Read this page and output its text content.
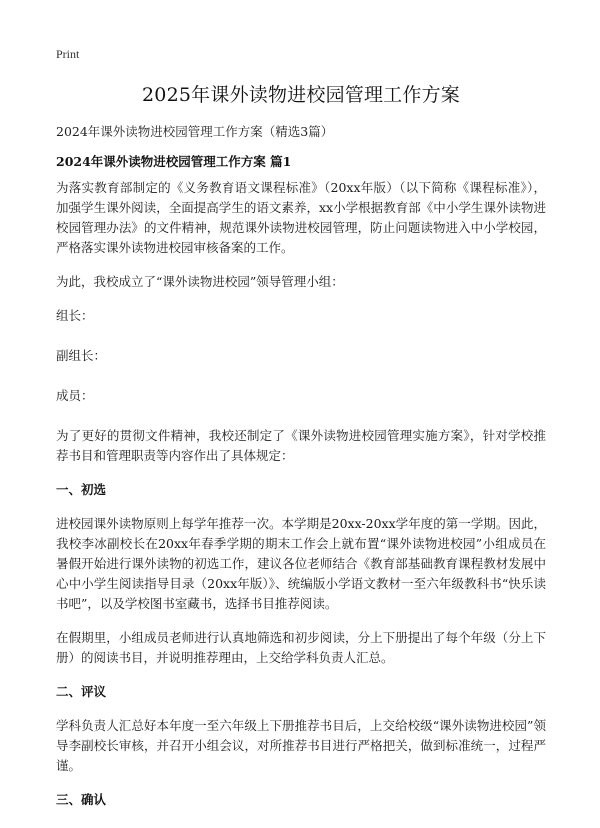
Print
2025年课外读物进校园管理工作方案
2024年课外读物进校园管理工作方案（精选3篇）
2024年课外读物进校园管理工作方案 篇1

为落实教育部制定的《义务教育语文课程标准》（20xx年版）（以下简称《课程标准》），加强学生课外阅读，全面提高学生的语文素养，xx小学根据教育部《中小学生课外读物进校园管理办法》的文件精神，规范课外读物进校园管理，防止问题读物进入中小学校园，严格落实课外读物进校园审核备案的工作。

为此，我校成立了“课外读物进校园”领导管理小组：

组长：

副组长：

成员：

为了更好的贯彻文件精神，我校还制定了《课外读物进校园管理实施方案》，针对学校推荐书目和管理职责等内容作出了具体规定：

一、初选

进校园课外读物原则上每学年推荐一次。本学期是20xx-20xx学年度的第一学期。因此，我校李冰副校长在20xx年春季学期的期末工作会上就布置“课外读物进校园”小组成员在暑假开始进行课外读物的初选工作，建议各位老师结合《教育部基础教育课程教材发展中心中小学生阅读指导目录（20xx年版）》、统编版小学语文教材一至六年级教科书“快乐读书吧”，以及学校图书室藏书，选择书目推荐阅读。

在假期里，小组成员老师进行认真地筛选和初步阅读，分上下册提出了每个年级（分上下册）的阅读书目，并说明推荐理由，上交给学科负责人汇总。

二、评议

学科负责人汇总好本年度一至六年级上下册推荐书目后，上交给校级“课外读物进校园”领导李副校长审核，并召开小组会议，对所推荐书目进行严格把关，做到标准统一，过程严谨。

三、确认
